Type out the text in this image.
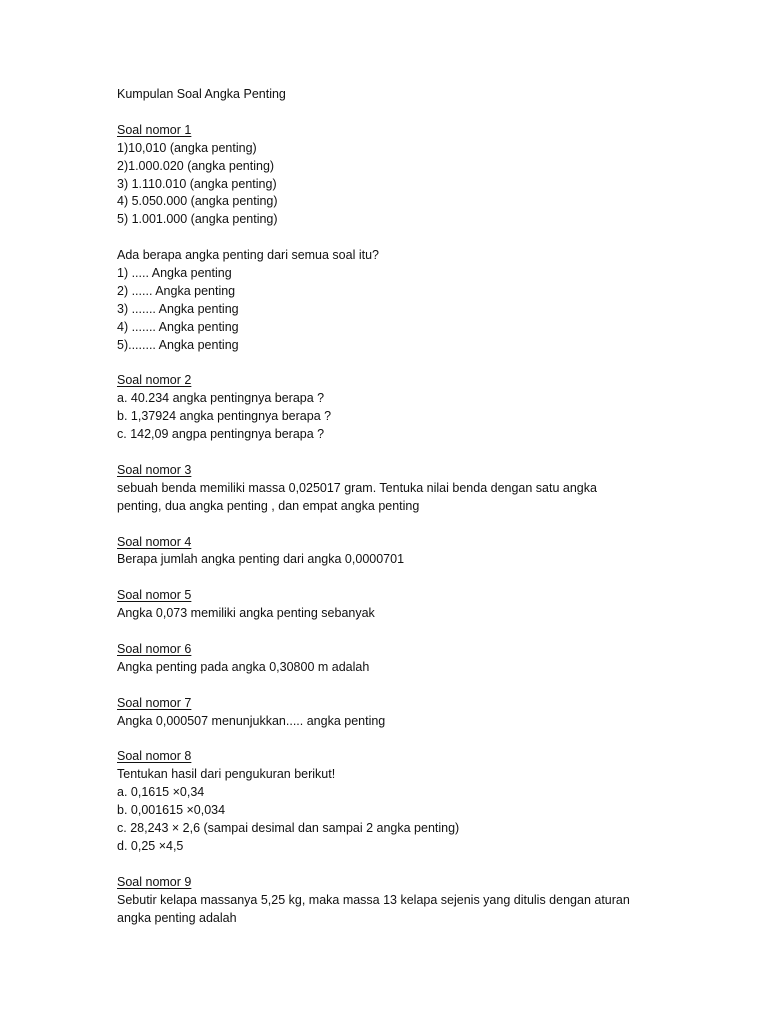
Kumpulan Soal Angka Penting
Soal nomor 1
1)10,010 (angka penting)
2)1.000.020 (angka penting)
3) 1.110.010 (angka penting)
4) 5.050.000 (angka penting)
5) 1.001.000 (angka penting)
Ada berapa angka penting dari semua soal itu?
1) ..... Angka penting
2) ...... Angka penting
3) ....... Angka penting
4) ....... Angka penting
5)........ Angka penting
Soal nomor 2
a. 40.234 angka pentingnya berapa ?
b. 1,37924 angka pentingnya berapa ?
c. 142,09 angpa pentingnya berapa ?
Soal nomor 3
sebuah benda memiliki massa 0,025017 gram. Tentuka nilai benda dengan satu angka
penting, dua angka penting , dan empat angka penting
Soal nomor 4
Berapa jumlah angka penting dari angka 0,0000701
Soal nomor 5
Angka 0,073 memiliki angka penting sebanyak
Soal nomor 6
Angka penting pada angka 0,30800 m adalah
Soal nomor 7
Angka 0,000507 menunjukkan..... angka penting
Soal nomor 8
Tentukan hasil dari pengukuran berikut!
a. 0,1615 ×0,34
b. 0,001615 ×0,034
c. 28,243 × 2,6 (sampai desimal dan sampai 2 angka penting)
d. 0,25 ×4,5
Soal nomor 9
Sebutir kelapa massanya 5,25 kg, maka massa 13 kelapa sejenis yang ditulis dengan aturan
angka penting adalah
